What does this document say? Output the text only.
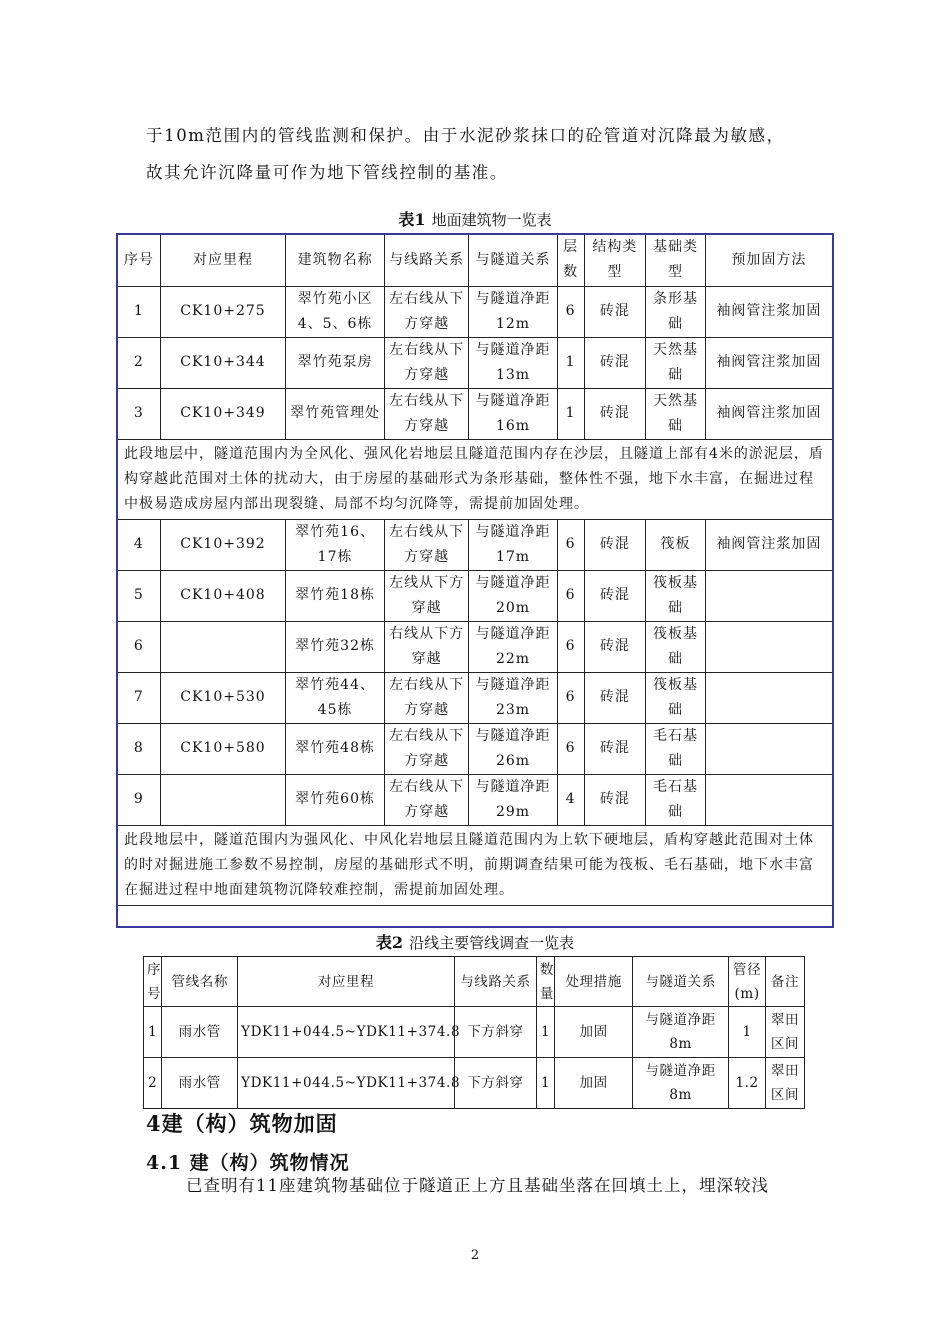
于10m范围内的管线监测和保护。由于水泥砂浆抹口的砼管道对沉降最为敏感，
故其允许沉降量可作为地下管线控制的基准。
表1 地面建筑物一览表
序号	对应里程	建筑物名称	与线路关系	与隧道关系	层数	结构类型	基础类型	预加固方法
1	CK10+275	翠竹苑小区4、5、6栋	左右线从下方穿越	与隧道净距12m	6	砖混	条形基础	袖阀管注浆加固
2	CK10+344	翠竹苑泵房	左右线从下方穿越	与隧道净距13m	1	砖混	天然基础	袖阀管注浆加固
3	CK10+349	翠竹苑管理处	左右线从下方穿越	与隧道净距16m	1	砖混	天然基础	袖阀管注浆加固
此段地层中，隧道范围内为全风化、强风化岩地层且隧道范围内存在沙层，且隧道上部有4米的淤泥层，盾构穿越此范围对土体的扰动大，由于房屋的基础形式为条形基础，整体性不强，地下水丰富，在掘进过程中极易造成房屋内部出现裂缝、局部不均匀沉降等，需提前加固处理。								
4	CK10+392	翠竹苑16、17栋	左右线从下方穿越	与隧道净距17m	6	砖混	筏板	袖阀管注浆加固
5	CK10+408	翠竹苑18栋	左线从下方穿越	与隧道净距20m	6	砖混	筏板基础	
6		翠竹苑32栋	右线从下方穿越	与隧道净距22m	6	砖混	筏板基础	
7	CK10+530	翠竹苑44、45栋	左右线从下方穿越	与隧道净距23m	6	砖混	筏板基础	
8	CK10+580	翠竹苑48栋	左右线从下方穿越	与隧道净距26m	6	砖混	毛石基础	
9		翠竹苑60栋	左右线从下方穿越	与隧道净距29m	4	砖混	毛石基础	
此段地层中，隧道范围内为强风化、中风化岩地层且隧道范围内为上软下硬地层，盾构穿越此范围对土体的时对掘进施工参数不易控制，房屋的基础形式不明，前期调查结果可能为筏板、毛石基础，地下水丰富在掘进过程中地面建筑物沉降较难控制，需提前加固处理。								

表2 沿线主要管线调查一览表
序号	管线名称	对应里程	与线路关系	数量	处理措施	与隧道关系	管径(m)	备注
1	雨水管	YDK11+044.5~YDK11+374.8	下方斜穿	1	加固	与隧道净距8m	1	翠田区间
2	雨水管	YDK11+044.5~YDK11+374.8	下方斜穿	1	加固	与隧道净距8m	1.2	翠田区间
4建（构）筑物加固
4.1 建（构）筑物情况
已查明有11座建筑物基础位于隧道正上方且基础坐落在回填土上，埋深较浅
2
